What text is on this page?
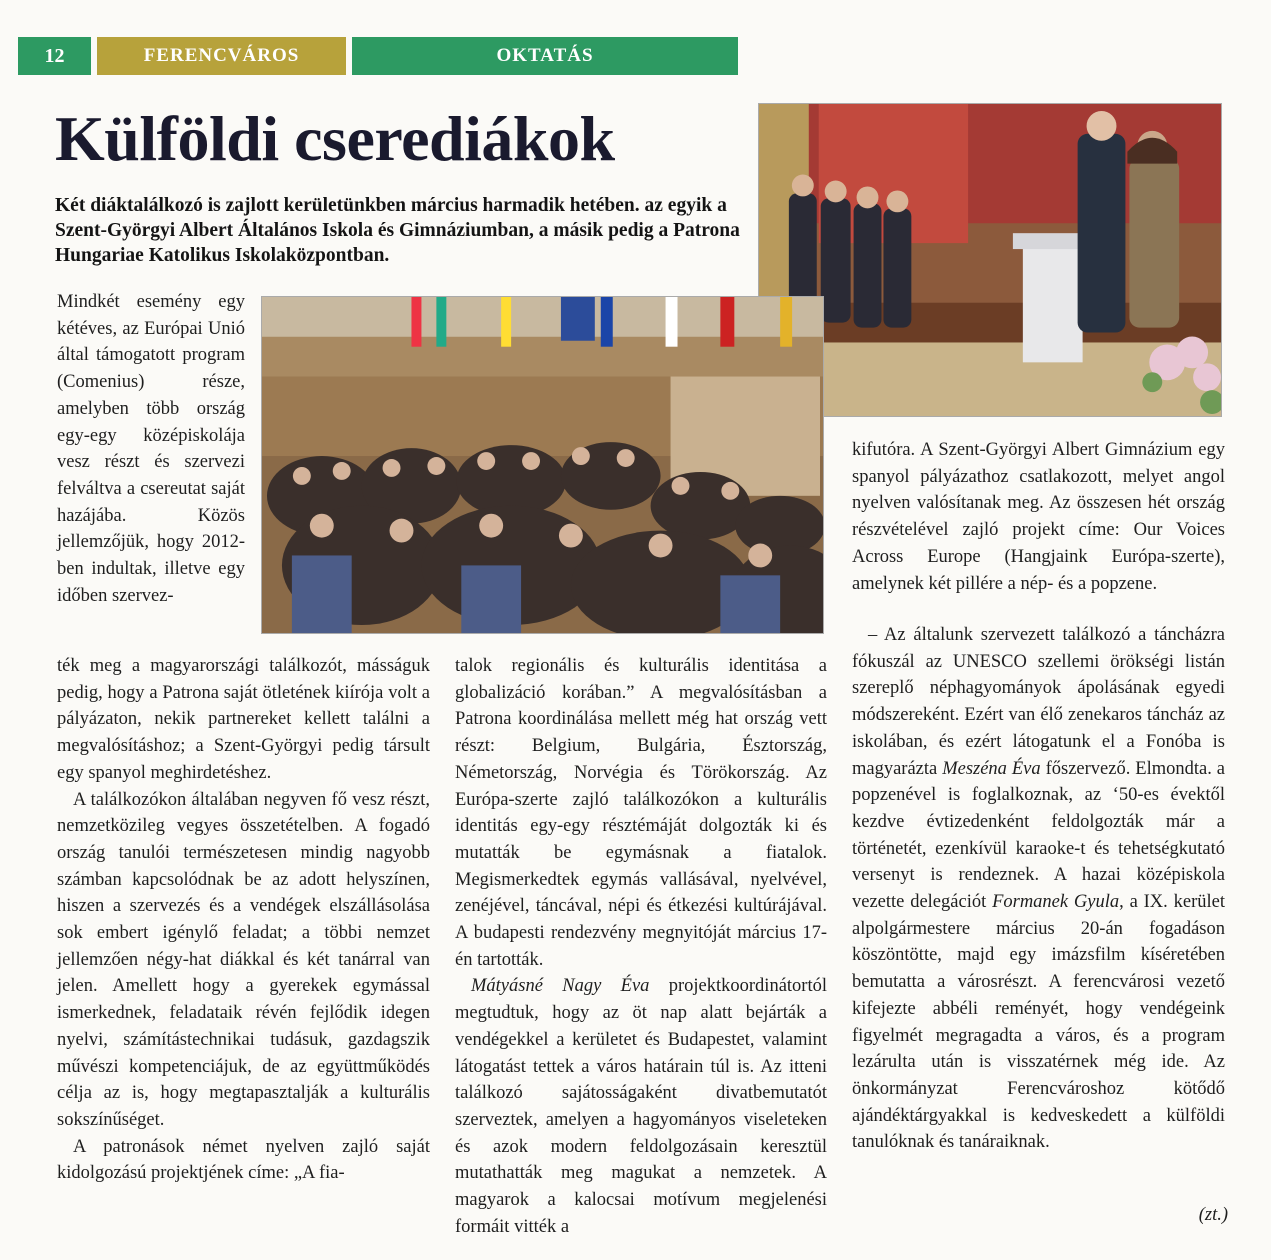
12	FERENCVÁROS	OKTATÁS
Külföldi cserediákok
Két diáktalálkozó is zajlott kerületünkben március harmadik hetében. az egyik a Szent-Györgyi Albert Általános Iskola és Gimnáziumban, a másik pedig a Patrona Hungariae Katolikus Iskolaközpontban.

Mindkét esemény egy kétéves, az Európai Unió által támogatott program (Comenius) része, amelyben több ország egy-egy középiskolája vesz részt és szervezi felváltva a csereutat saját hazájába. Közös jellemzőjük, hogy 2012-ben indultak, illetve egy időben szervez-

ték meg a magyarországi találkozót, másságuk pedig, hogy a Patrona saját ötletének kiírója volt a pályázaton, nekik partnereket kellett találni a megvalósításhoz; a Szent-Györgyi pedig társult egy spanyol meghirdetéshez.

A találkozókon általában negyven fő vesz részt, nemzetközileg vegyes összetételben. A fogadó ország tanulói természetesen mindig nagyobb számban kapcsolódnak be az adott helyszínen, hiszen a szervezés és a vendégek elszállásolása sok embert igénylő feladat; a többi nemzet jellemzően négy-hat diákkal és két tanárral van jelen. Amellett hogy a gyerekek egymással ismerkednek, feladataik révén fejlődik idegen nyelvi, számítástechnikai tudásuk, gazdagszik művészi kompetenciájuk, de az együttműködés célja az is, hogy megtapasztalják a kulturális sokszínűséget.

A patronások német nyelven zajló saját kidolgozású projektjének címe: „A fia-

talok regionális és kulturális identitása a globalizáció korában.” A megvalósításban a Patrona koordinálása mellett még hat ország vett részt: Belgium, Bulgária, Észtország, Németország, Norvégia és Törökország. Az Európa-szerte zajló találkozókon a kulturális identitás egy-egy résztémáját dolgozták ki és mutatták be egymásnak a fiatalok. Megismerkedtek egymás vallásával, nyelvével, zenéjével, táncával, népi és étkezési kultúrájával. A budapesti rendezvény megnyitóját március 17-én tartották.

Mátyásné Nagy Éva projektkoordinátortól megtudtuk, hogy az öt nap alatt bejárták a vendégekkel a kerületet és Budapestet, valamint látogatást tettek a város határain túl is. Az itteni találkozó sajátosságaként divatbemutatót szerveztek, amelyen a hagyományos viseleteken és azok modern feldolgozásain keresztül mutathatták meg magukat a nemzetek. A magyarok a kalocsai motívum megjelenési formáit vitték a

kifutóra. A Szent-Györgyi Albert Gimnázium egy spanyol pályázathoz csatlakozott, melyet angol nyelven valósítanak meg. Az összesen hét ország részvételével zajló projekt címe: Our Voices Across Europe (Hangjaink Európa-szerte), amelynek két pillére a nép- és a popzene.

– Az általunk szervezett találkozó a táncházra fókuszál az UNESCO szellemi örökségi listán szereplő néphagyományok ápolásának egyedi módszereként. Ezért van élő zenekaros táncház az iskolában, és ezért látogatunk el a Fonóba is magyarázta Meszéna Éva főszervező. Elmondta. a popzenével is foglalkoznak, az ‘50-es évektől kezdve évtizedenként feldolgozták már a történetét, ezenkívül karaoke-t és tehetségkutató versenyt is rendeznek. A hazai középiskola vezette delegációt Formanek Gyula, a IX. kerület alpolgármestere március 20-án fogadáson köszöntötte, majd egy imázsfilm kíséretében bemutatta a városrészt. A ferencvárosi vezető kifejezte abbéli reményét, hogy vendégeink figyelmét megragadta a város, és a program lezárulta után is visszatérnek még ide. Az önkormányzat Ferencvároshoz kötődő ajándéktárgyakkal is kedveskedett a külföldi tanulóknak és tanáraiknak.

(zt.)
